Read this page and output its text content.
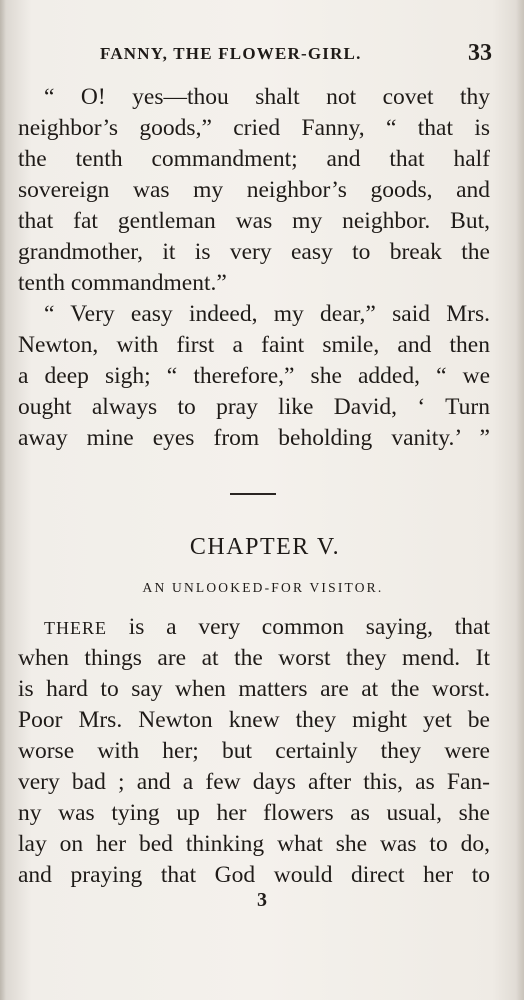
FANNY, THE FLOWER-GIRL.	33
“ O! yes—thou shalt not covet thy
neighbor’s goods,” cried Fanny, “ that is
the tenth commandment; and that half
sovereign was my neighbor’s goods, and
that fat gentleman was my neighbor. But,
grandmother, it is very easy to break the
tenth commandment.”
“ Very easy indeed, my dear,” said Mrs.
Newton, with first a faint smile, and then
a deep sigh; “ therefore,” she added, “ we
ought always to pray like David, ‘ Turn
away mine eyes from beholding vanity.’ ”
CHAPTER V.
AN UNLOOKED-FOR VISITOR.
THERE is a very common saying, that
when things are at the worst they mend. It
is hard to say when matters are at the worst.
Poor Mrs. Newton knew they might yet be
worse with her; but certainly they were
very bad ; and a few days after this, as Fan-
ny was tying up her flowers as usual, she
lay on her bed thinking what she was to do,
and praying that God would direct her to
3
